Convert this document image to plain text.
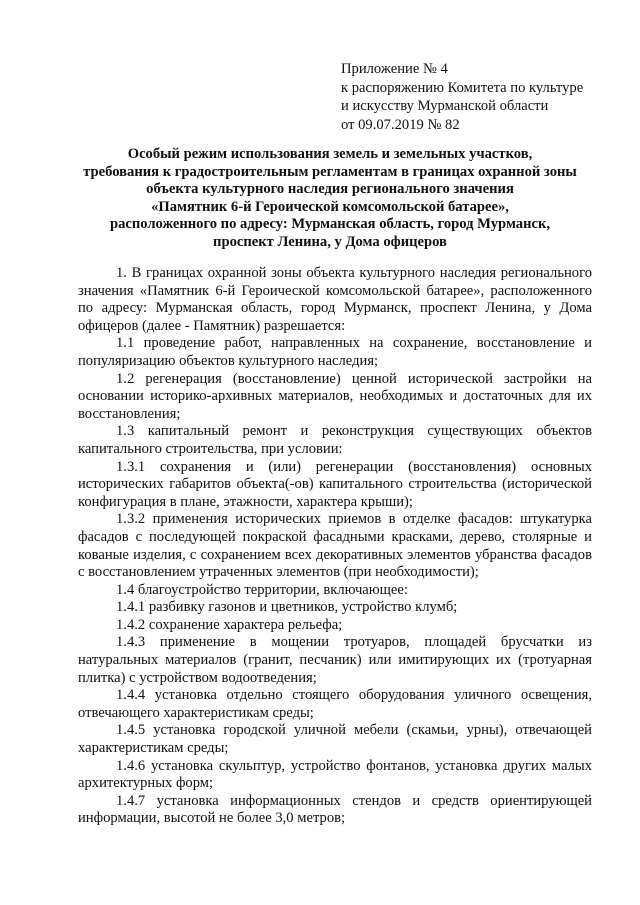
Приложение № 4
к распоряжению Комитета по культуре
и искусству Мурманской области
от 09.07.2019 № 82
Особый режим использования земель и земельных участков,
требования к градостроительным регламентам в границах охранной зоны
объекта культурного наследия регионального значения
«Памятник 6-й Героической комсомольской батарее»,
расположенного по адресу: Мурманская область, город Мурманск,
проспект Ленина, у Дома офицеров

1. В границах охранной зоны объекта культурного наследия регионального значения «Памятник 6-й Героической комсомольской батарее», расположенного по адресу: Мурманская область, город Мурманск, проспект Ленина, у Дома офицеров (далее - Памятник) разрешается:

1.1 проведение работ, направленных на сохранение, восстановление и популяризацию объектов культурного наследия;

1.2 регенерация (восстановление) ценной исторической застройки на основании историко-архивных материалов, необходимых и достаточных для их восстановления;

1.3 капитальный ремонт и реконструкция существующих объектов капитального строительства, при условии:

1.3.1 сохранения и (или) регенерации (восстановления) основных исторических габаритов объекта(-ов) капитального строительства (исторической конфигурация в плане, этажности, характера крыши);

1.3.2 применения исторических приемов в отделке фасадов: штукатурка фасадов с последующей покраской фасадными красками, дерево, столярные и кованые изделия, с сохранением всех декоративных элементов убранства фасадов с восстановлением утраченных элементов (при необходимости);

1.4 благоустройство территории, включающее:

1.4.1 разбивку газонов и цветников, устройство клумб;

1.4.2 сохранение характера рельефа;

1.4.3 применение в мощении тротуаров, площадей брусчатки из натуральных материалов (гранит, песчаник) или имитирующих их (тротуарная плитка) с устройством водоотведения;

1.4.4 установка отдельно стоящего оборудования уличного освещения, отвечающего характеристикам среды;

1.4.5 установка городской уличной мебели (скамьи, урны), отвечающей характеристикам среды;

1.4.6 установка скульптур, устройство фонтанов, установка других малых архитектурных форм;

1.4.7 установка информационных стендов и средств ориентирующей информации, высотой не более 3,0 метров;
